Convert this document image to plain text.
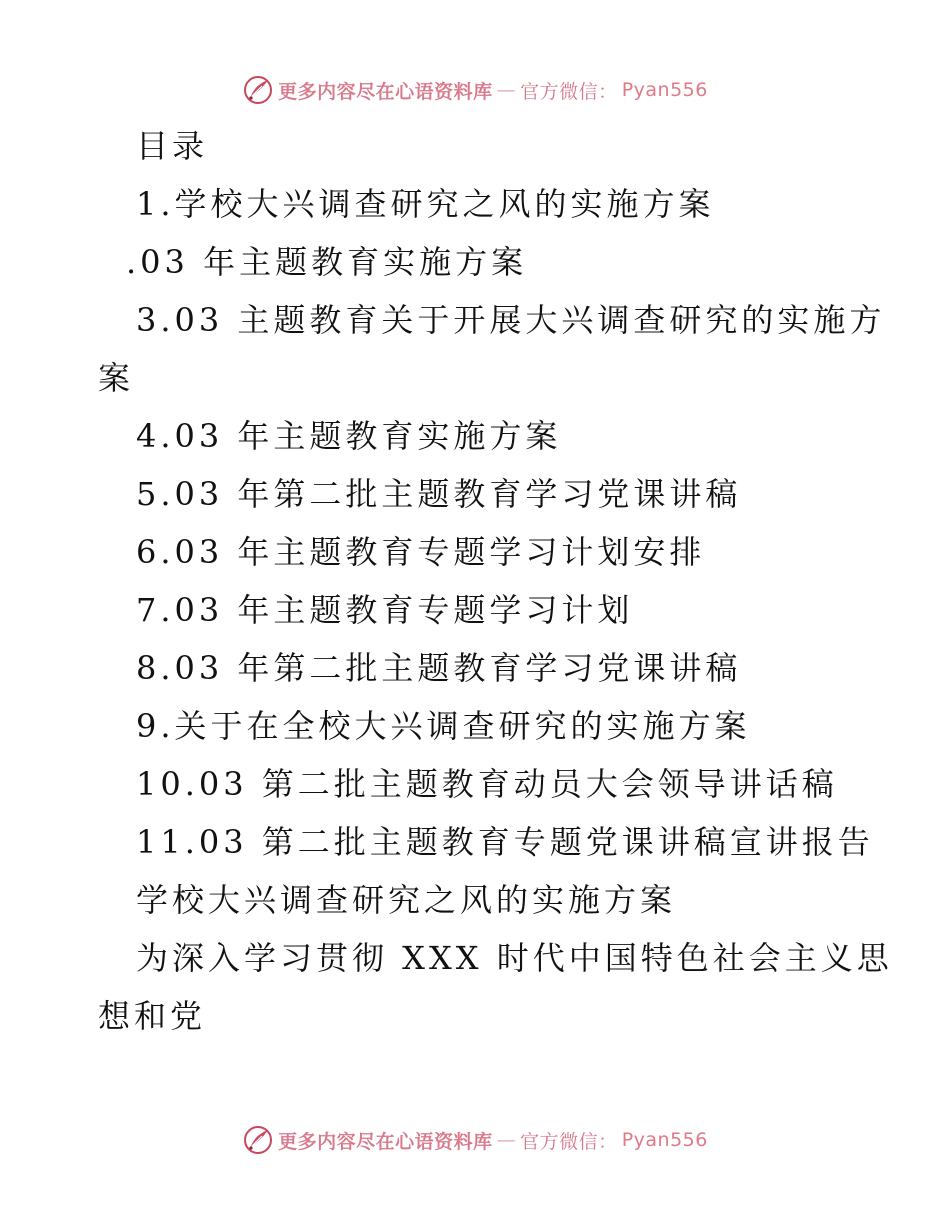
更多内容尽在心语资料库 — 官方微信： Pyan556
目录
1.学校大兴调查研究之风的实施方案
.03 年主题教育实施方案
3.03 主题教育关于开展大兴调查研究的实施方
案
4.03 年主题教育实施方案
5.03 年第二批主题教育学习党课讲稿
6.03 年主题教育专题学习计划安排
7.03 年主题教育专题学习计划
8.03 年第二批主题教育学习党课讲稿
9.关于在全校大兴调查研究的实施方案
10.03 第二批主题教育动员大会领导讲话稿
11.03 第二批主题教育专题党课讲稿宣讲报告
学校大兴调查研究之风的实施方案
为深入学习贯彻 XXX 时代中国特色社会主义思
想和党
更多内容尽在心语资料库 — 官方微信： Pyan556
